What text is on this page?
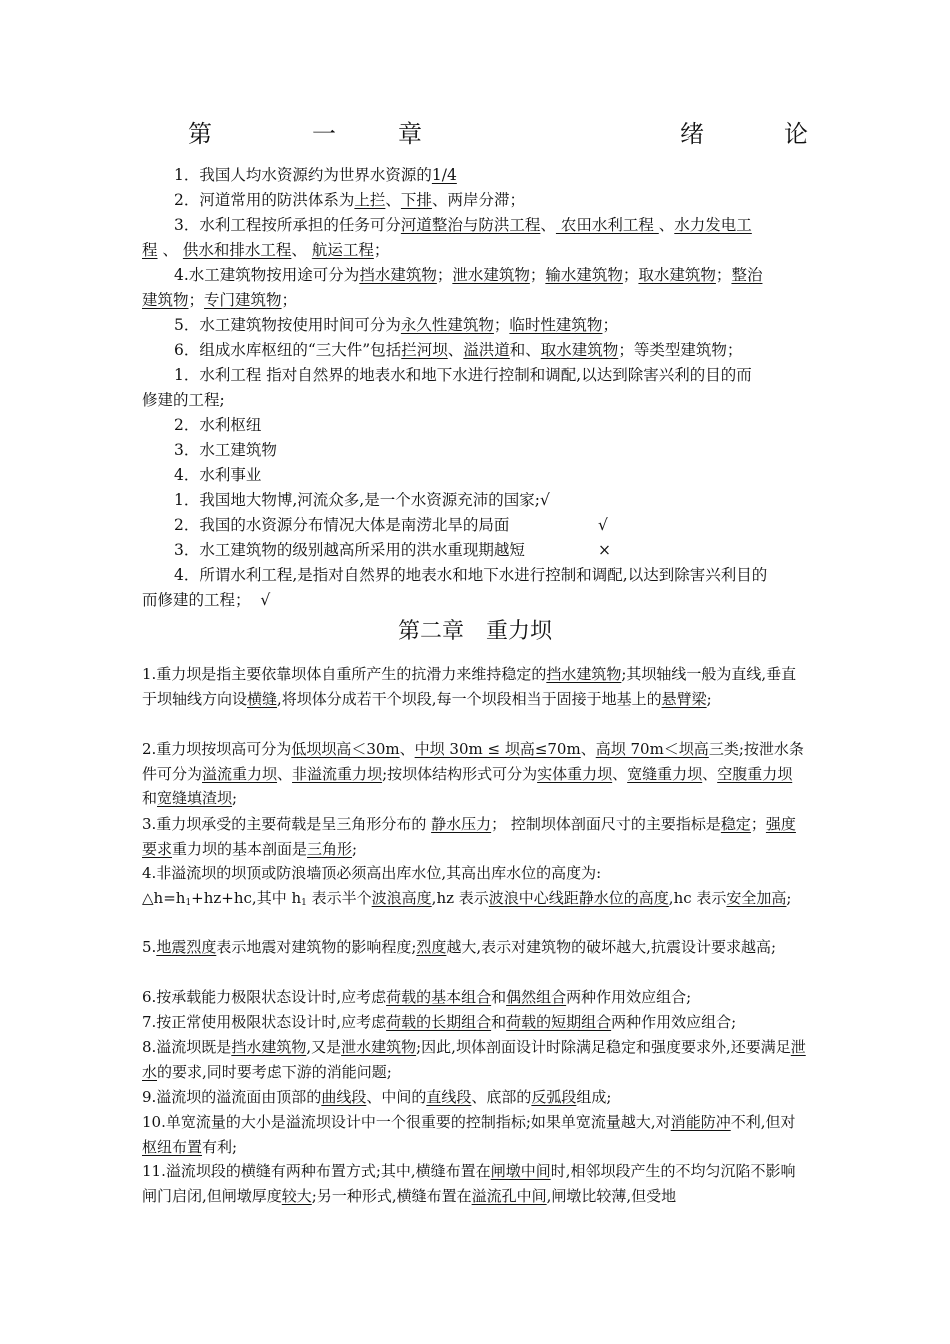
第	一	章	绪	论
1．我国人均水资源约为世界水资源的1/4
2．河道常用的防洪体系为上拦、下排、两岸分滞；
3．水利工程按所承担的任务可分河道整治与防洪工程、 农田水利工程 、水力发电工
程 、 供水和排水工程、 航运工程；
4.水工建筑物按用途可分为挡水建筑物；泄水建筑物；输水建筑物；取水建筑物；整治
建筑物；专门建筑物；
5．水工建筑物按使用时间可分为永久性建筑物；临时性建筑物；
6．组成水库枢纽的“三大件”包括拦河坝、溢洪道和、取水建筑物；等类型建筑物；
1．水利工程 指对自然界的地表水和地下水进行控制和调配,以达到除害兴利的目的而
修建的工程;
2．水利枢纽
3．水工建筑物
4．水利事业
1．我国地大物博,河流众多,是一个水资源充沛的国家;√
2．我国的水资源分布情况大体是南涝北旱的局面	√
3．水工建筑物的级别越高所采用的洪水重现期越短	×
4．所谓水利工程,是指对自然界的地表水和地下水进行控制和调配,以达到除害兴利目的
而修建的工程；  √
第二章　重力坝
1.重力坝是指主要依靠坝体自重所产生的抗滑力来维持稳定的挡水建筑物;其坝轴线一般为直线,垂直于坝轴线方向设横缝,将坝体分成若干个坝段,每一个坝段相当于固接于地基上的悬臂梁;
2.重力坝按坝高可分为低坝坝高＜30m、中坝 30m ≤ 坝高≤70m、高坝 70m＜坝高三类;按泄水条件可分为溢流重力坝、非溢流重力坝;按坝体结构形式可分为实体重力坝、宽缝重力坝、空腹重力坝和宽缝填渣坝;
3.重力坝承受的主要荷载是呈三角形分布的 静水压力； 控制坝体剖面尺寸的主要指标是稳定；强度要求重力坝的基本剖面是三角形;
4.非溢流坝的坝顶或防浪墙顶必须高出库水位,其高出库水位的高度为:
$\triangle h=h_1+hz+hc$,其中 $h_1$ 表示半个波浪高度,hz 表示波浪中心线距静水位的高度,hc 表示安全加高;
5.地震烈度表示地震对建筑物的影响程度;烈度越大,表示对建筑物的破坏越大,抗震设计要求越高;
6.按承载能力极限状态设计时,应考虑荷载的基本组合和偶然组合两种作用效应组合;
7.按正常使用极限状态设计时,应考虑荷载的长期组合和荷载的短期组合两种作用效应组合;
8.溢流坝既是挡水建筑物,又是泄水建筑物;因此,坝体剖面设计时除满足稳定和强度要求外,还要满足泄水的要求,同时要考虑下游的消能问题;
9.溢流坝的溢流面由顶部的曲线段、中间的直线段、底部的反弧段组成;
10.单宽流量的大小是溢流坝设计中一个很重要的控制指标;如果单宽流量越大,对消能防冲不利,但对枢纽布置有利;
11.溢流坝段的横缝有两种布置方式;其中,横缝布置在闸墩中间时,相邻坝段产生的不均匀沉陷不影响闸门启闭,但闸墩厚度较大;另一种形式,横缝布置在溢流孔中间,闸墩比较薄,但受地
